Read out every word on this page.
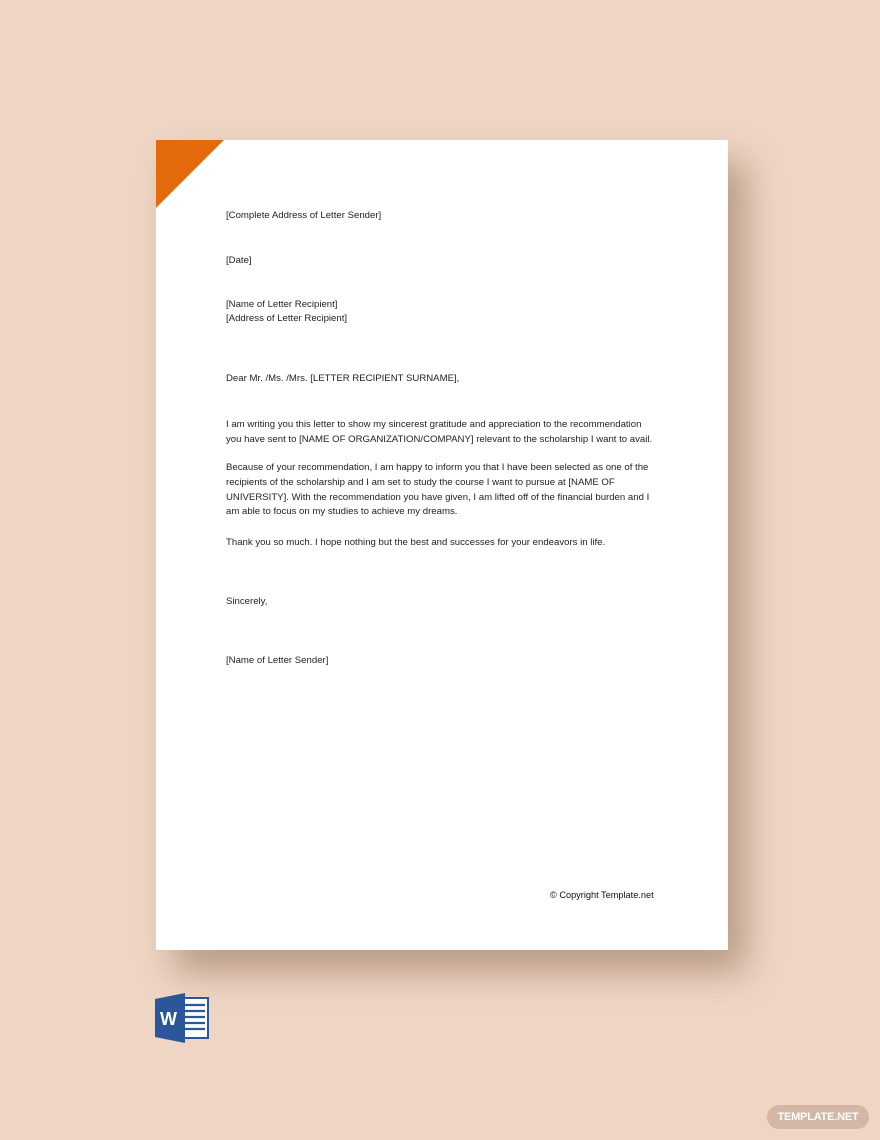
[Complete Address of Letter Sender]
[Date]
[Name of Letter Recipient]
[Address of Letter Recipient]
Dear Mr. /Ms. /Mrs. [LETTER RECIPIENT SURNAME],
I am writing you this letter to show my sincerest gratitude and appreciation to the recommendation
you have sent to [NAME OF ORGANIZATION/COMPANY] relevant to the scholarship I want to avail.
Because of your recommendation, I am happy to inform you that I have been selected as one of the
recipients of the scholarship and I am set to study the course I want to pursue at [NAME OF
UNIVERSITY]. With the recommendation you have given, I am lifted off of the financial burden and I
am able to focus on my studies to achieve my dreams.
Thank you so much. I hope nothing but the best and successes for your endeavors in life.
Sincerely,
[Name of Letter Sender]
© Copyright Template.net
W
TEMPLATE.NET
